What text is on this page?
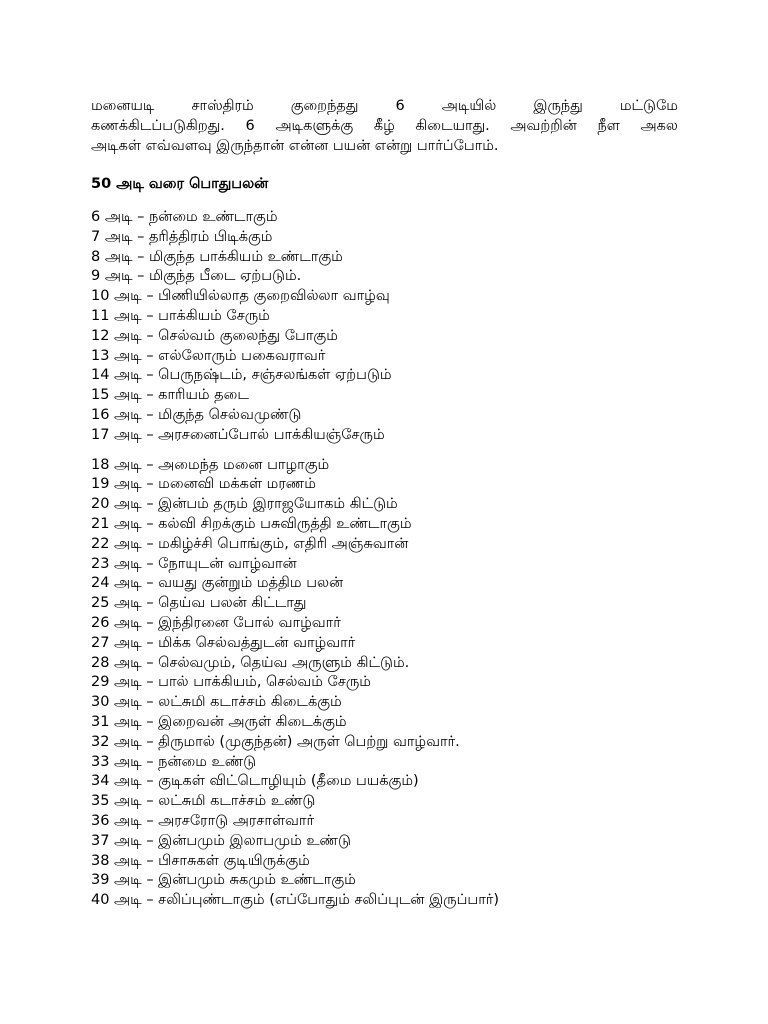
மனையடி	சாஸ்திரம்	குறைந்தது	6	அடியில்	இருந்து	மட்டுமே
கணக்கிடப்படுகிறது. 6 அடிகளுக்கு கீழ் கிடையாது. அவற்றின் நீள அகல
அடிகள் எவ்வளவு இருந்தான் என்ன பயன் என்று பார்ப்போம்.
50 அடி வரை பொதுபலன்
6 அடி – நன்மை உண்டாகும்
7 அடி – தரித்திரம் பிடிக்கும்
8 அடி – மிகுந்த பாக்கியம் உண்டாகும்
9 அடி – மிகுந்த பீடை ஏற்படும்.
10 அடி – பிணியில்லாத குறைவில்லா வாழ்வு
11 அடி – பாக்கியம் சேரும்
12 அடி – செல்வம் குலைந்து போகும்
13 அடி – எல்லோரும் பகைவராவர்
14 அடி – பெருநஷ்டம், சஞ்சலங்கள் ஏற்படும்
15 அடி – காரியம் தடை
16 அடி – மிகுந்த செல்வமுண்டு
17 அடி – அரசனைப்போல் பாக்கியஞ்சேரும்
18 அடி – அமைந்த மனை பாழாகும்
19 அடி – மனைவி மக்கள் மரணம்
20 அடி – இன்பம் தரும் இராஜயோகம் கிட்டும்
21 அடி – கல்வி சிறக்கும் பசுவிருத்தி உண்டாகும்
22 அடி – மகிழ்ச்சி பொங்கும், எதிரி அஞ்சுவான்
23 அடி – நோயுடன் வாழ்வான்
24 அடி – வயது குன்றும் மத்திம பலன்
25 அடி – தெய்வ பலன் கிட்டாது
26 அடி – இந்திரனை போல் வாழ்வார்
27 அடி – மிக்க செல்வத்துடன் வாழ்வார்
28 அடி – செல்வமும், தெய்வ அருளும் கிட்டும்.
29 அடி – பால் பாக்கியம், செல்வம் சேரும்
30 அடி – லட்சுமி கடாச்சம் கிடைக்கும்
31 அடி – இறைவன் அருள் கிடைக்கும்
32 அடி – திருமால் (முகுந்தன்) அருள் பெற்று வாழ்வார்.
33 அடி – நன்மை உண்டு
34 அடி – குடிகள் விட்டொழியும் (தீமை பயக்கும்)
35 அடி – லட்சுமி கடாச்சம் உண்டு
36 அடி – அரசரோடு அரசாள்வார்
37 அடி – இன்பமும் இலாபமும் உண்டு
38 அடி – பிசாசுகள் குடியிருக்கும்
39 அடி – இன்பமும் சுகமும் உண்டாகும்
40 அடி – சலிப்புண்டாகும் (எப்போதும் சலிப்புடன் இருப்பார்)
